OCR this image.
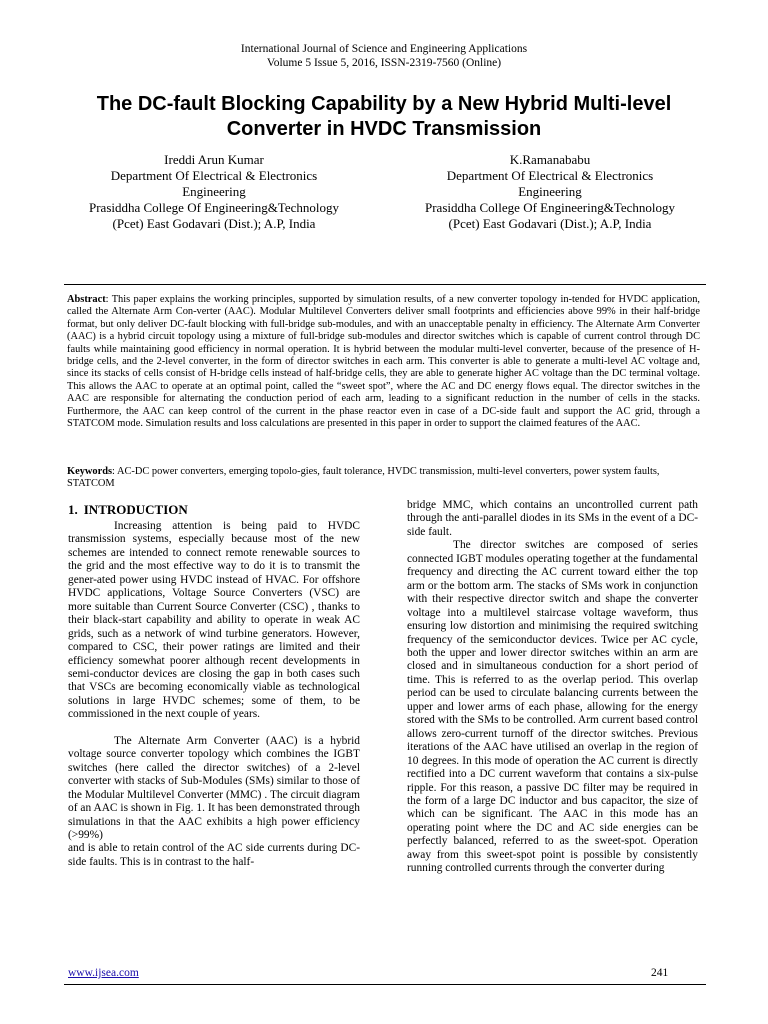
International Journal of Science and Engineering Applications
Volume 5 Issue 5, 2016, ISSN-2319-7560 (Online)
The DC-fault Blocking Capability by a New Hybrid Multi-level Converter in HVDC Transmission
Ireddi Arun Kumar
Department Of Electrical & Electronics
Engineering
Prasiddha College Of Engineering&Technology
(Pcet) East Godavari (Dist.); A.P, India
K.Ramanababu
Department Of Electrical & Electronics
Engineering
Prasiddha College Of Engineering&Technology
(Pcet) East Godavari (Dist.); A.P, India
Abstract: This paper explains the working principles, supported by simulation results, of a new converter topology in-tended for HVDC application, called the Alternate Arm Con-verter (AAC). Modular Multilevel Converters deliver small footprints and efficiencies above 99% in their half-bridge format, but only deliver DC-fault blocking with full-bridge sub-modules, and with an unacceptable penalty in efficiency. The Alternate Arm Converter (AAC) is a hybrid circuit topology using a mixture of full-bridge sub-modules and director switches which is capable of current control through DC faults while maintaining good efficiency in normal operation. It is hybrid between the modular multi-level converter, because of the presence of H-bridge cells, and the 2-level converter, in the form of director switches in each arm. This converter is able to generate a multi-level AC voltage and, since its stacks of cells consist of H-bridge cells instead of half-bridge cells, they are able to generate higher AC voltage than the DC terminal voltage. This allows the AAC to operate at an optimal point, called the “sweet spot”, where the AC and DC energy flows equal. The director switches in the AAC are responsible for alternating the conduction period of each arm, leading to a significant reduction in the number of cells in the stacks. Furthermore, the AAC can keep control of the current in the phase reactor even in case of a DC-side fault and support the AC grid, through a STATCOM mode. Simulation results and loss calculations are presented in this paper in order to support the claimed features of the AAC.
Keywords: AC-DC power converters, emerging topolo-gies, fault tolerance, HVDC transmission, multi-level converters, power system faults, STATCOM
1. INTRODUCTION

Increasing attention is being paid to HVDC transmission systems, especially because most of the new schemes are intended to connect remote renewable sources to the grid and the most effective way to do it is to transmit the gener-ated power using HVDC instead of HVAC. For offshore HVDC applications, Voltage Source Converters (VSC) are more suitable than Current Source Converter (CSC) , thanks to their black-start capability and ability to operate in weak AC grids, such as a network of wind turbine generators. However, compared to CSC, their power ratings are limited and their efficiency somewhat poorer although recent developments in semi-conductor devices are closing the gap in both cases such that VSCs are becoming economically viable as technological solutions in large HVDC schemes; some of them, to be commissioned in the next couple of years.

The Alternate Arm Converter (AAC) is a hybrid voltage source converter topology which combines the IGBT switches (here called the director switches) of a 2-level converter with stacks of Sub-Modules (SMs) similar to those of the Modular Multilevel Converter (MMC) . The circuit diagram of an AAC is shown in Fig. 1. It has been demonstrated through simulations in that the AAC exhibits a high power efficiency (>99%)

and is able to retain control of the AC side currents during DC-side faults. This is in contrast to the half-

bridge MMC, which contains an uncontrolled current path through the anti-parallel diodes in its SMs in the event of a DC-side fault.

The director switches are composed of series connected IGBT modules operating together at the fundamental frequency and directing the AC current toward either the top arm or the bottom arm. The stacks of SMs work in conjunction with their respective director switch and shape the converter voltage into a multilevel staircase voltage waveform, thus ensuring low distortion and minimising the required switching frequency of the semiconductor devices. Twice per AC cycle, both the upper and lower director switches within an arm are closed and in simultaneous conduction for a short period of time. This is referred to as the overlap period. This overlap period can be used to circulate balancing currents between the upper and lower arms of each phase, allowing for the energy stored with the SMs to be controlled. Arm current based control allows zero-current turnoff of the director switches. Previous iterations of the AAC have utilised an overlap in the region of 10 degrees. In this mode of operation the AC current is directly rectified into a DC current waveform that contains a six-pulse ripple. For this reason, a passive DC filter may be required in the form of a large DC inductor and bus capacitor, the size of which can be significant. The AAC in this mode has an operating point where the DC and AC side energies can be perfectly balanced, referred to as the sweet-spot. Operation away from this sweet-spot point is possible by consistently running controlled currents through the converter during

www.ijsea.com	241
